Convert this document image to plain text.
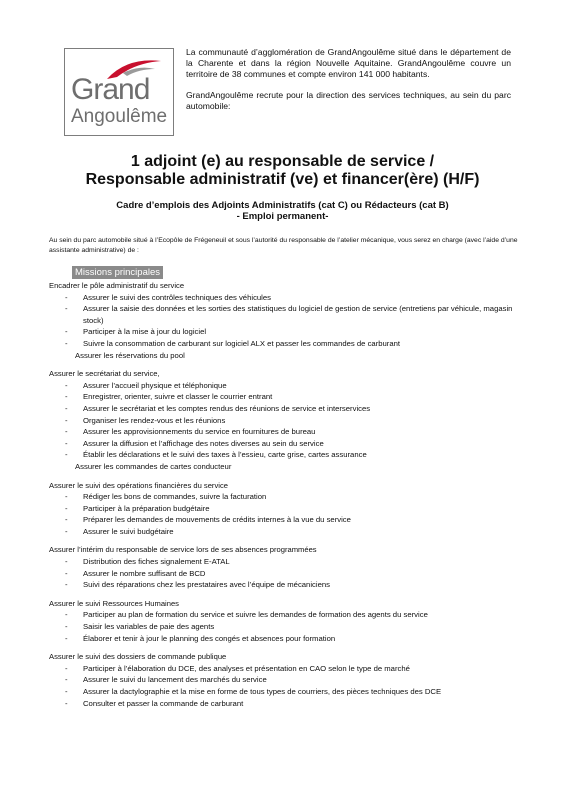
Grand
Angoulême

La communauté d’agglomération de GrandAngoulême situé dans le département de la Charente et dans la région Nouvelle Aquitaine. GrandAngoulême couvre un territoire de 38 communes et compte environ 141 000 habitants.

GrandAngoulême recrute pour la direction des services techniques, au sein du parc automobile:

1 adjoint (e) au responsable de service /
Responsable administratif (ve) et financer(ère) (H/F)
Cadre d’emplois des Adjoints Administratifs (cat C) ou Rédacteurs (cat B)
- Emploi permanent-
Au sein du parc automobile situé à l’Ecopôle de Frégeneuil et sous l’autorité du responsable de l’atelier mécanique, vous serez en charge (avec l’aide d’une assistante administrative) de :
Missions principales
Encadrer le pôle administratif du service
- Assurer le suivi des contrôles techniques des véhicules
- Assurer la saisie des données et les sorties des statistiques du logiciel de gestion de service (entretiens par véhicule, magasin stock)
- Participer à la mise à jour du logiciel
- Suivre la consommation de carburant sur logiciel ALX et passer les commandes de carburant
Assurer les réservations du pool
Assurer le secrétariat du service,
- Assurer l’accueil physique et téléphonique
- Enregistrer, orienter, suivre et classer le courrier entrant
- Assurer le secrétariat et les comptes rendus des réunions de service et interservices
- Organiser les rendez-vous et les réunions
- Assurer les approvisionnements du service en fournitures de bureau
- Assurer la diffusion et l’affichage des notes diverses au sein du service
- Établir les déclarations et le suivi des taxes à l’essieu, carte grise, cartes assurance
Assurer les commandes de cartes conducteur
Assurer le suivi des opérations financières du service
- Rédiger les bons de commandes, suivre la facturation
- Participer à la préparation budgétaire
- Préparer les demandes de mouvements de crédits internes à la vue du service
- Assurer le suivi budgétaire
Assurer l’intérim du responsable de service lors de ses absences programmées
- Distribution des fiches signalement E-ATAL
- Assurer le nombre suffisant de BCD
- Suivi des réparations chez les prestataires avec l’équipe de mécaniciens
Assurer le suivi Ressources Humaines
- Participer au plan de formation du service et suivre les demandes de formation des agents du service
- Saisir les variables de paie des agents
- Élaborer et tenir à jour le planning des congés et absences pour formation
Assurer le suivi des dossiers de commande publique
- Participer à l’élaboration du DCE, des analyses et présentation en CAO selon le type de marché
- Assurer le suivi du lancement des marchés du service
- Assurer la dactylographie et la mise en forme de tous types de courriers, des pièces techniques des DCE
- Consulter et passer la commande de carburant
